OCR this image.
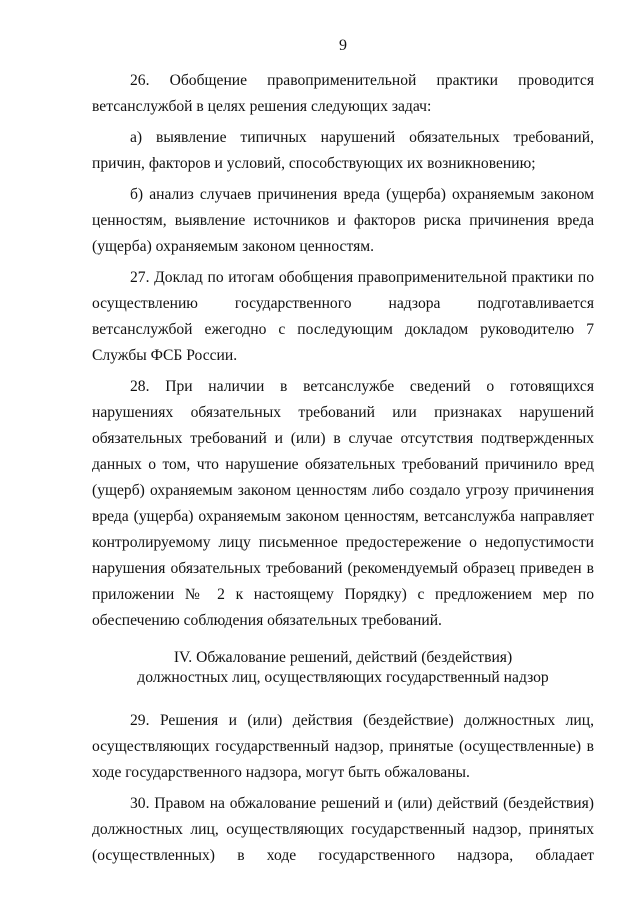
9

26. Обобщение правоприменительной практики проводится ветсанслужбой в целях решения следующих задач:

а) выявление типичных нарушений обязательных требований, причин, факторов и условий, способствующих их возникновению;

б) анализ случаев причинения вреда (ущерба) охраняемым законом ценностям, выявление источников и факторов риска причинения вреда (ущерба) охраняемым законом ценностям.

27. Доклад по итогам обобщения правоприменительной практики по осуществлению государственного надзора подготавливается ветсанслужбой ежегодно с последующим докладом руководителю 7 Службы ФСБ России.

28. При наличии в ветсанслужбе сведений о готовящихся нарушениях обязательных требований или признаках нарушений обязательных требований и (или) в случае отсутствия подтвержденных данных о том, что нарушение обязательных требований причинило вред (ущерб) охраняемым законом ценностям либо создало угрозу причинения вреда (ущерба) охраняемым законом ценностям, ветсанслужба направляет контролируемому лицу письменное предостережение о недопустимости нарушения обязательных требований (рекомендуемый образец приведен в приложении № 2 к настоящему Порядку) с предложением мер по обеспечению соблюдения обязательных требований.

IV. Обжалование решений, действий (бездействия)
должностных лиц, осуществляющих государственный надзор

29. Решения и (или) действия (бездействие) должностных лиц, осуществляющих государственный надзор, принятые (осуществленные) в ходе государственного надзора, могут быть обжалованы.

30. Правом на обжалование решений и (или) действий (бездействия) должностных лиц, осуществляющих государственный надзор, принятых (осуществленных) в ходе государственного надзора, обладает
